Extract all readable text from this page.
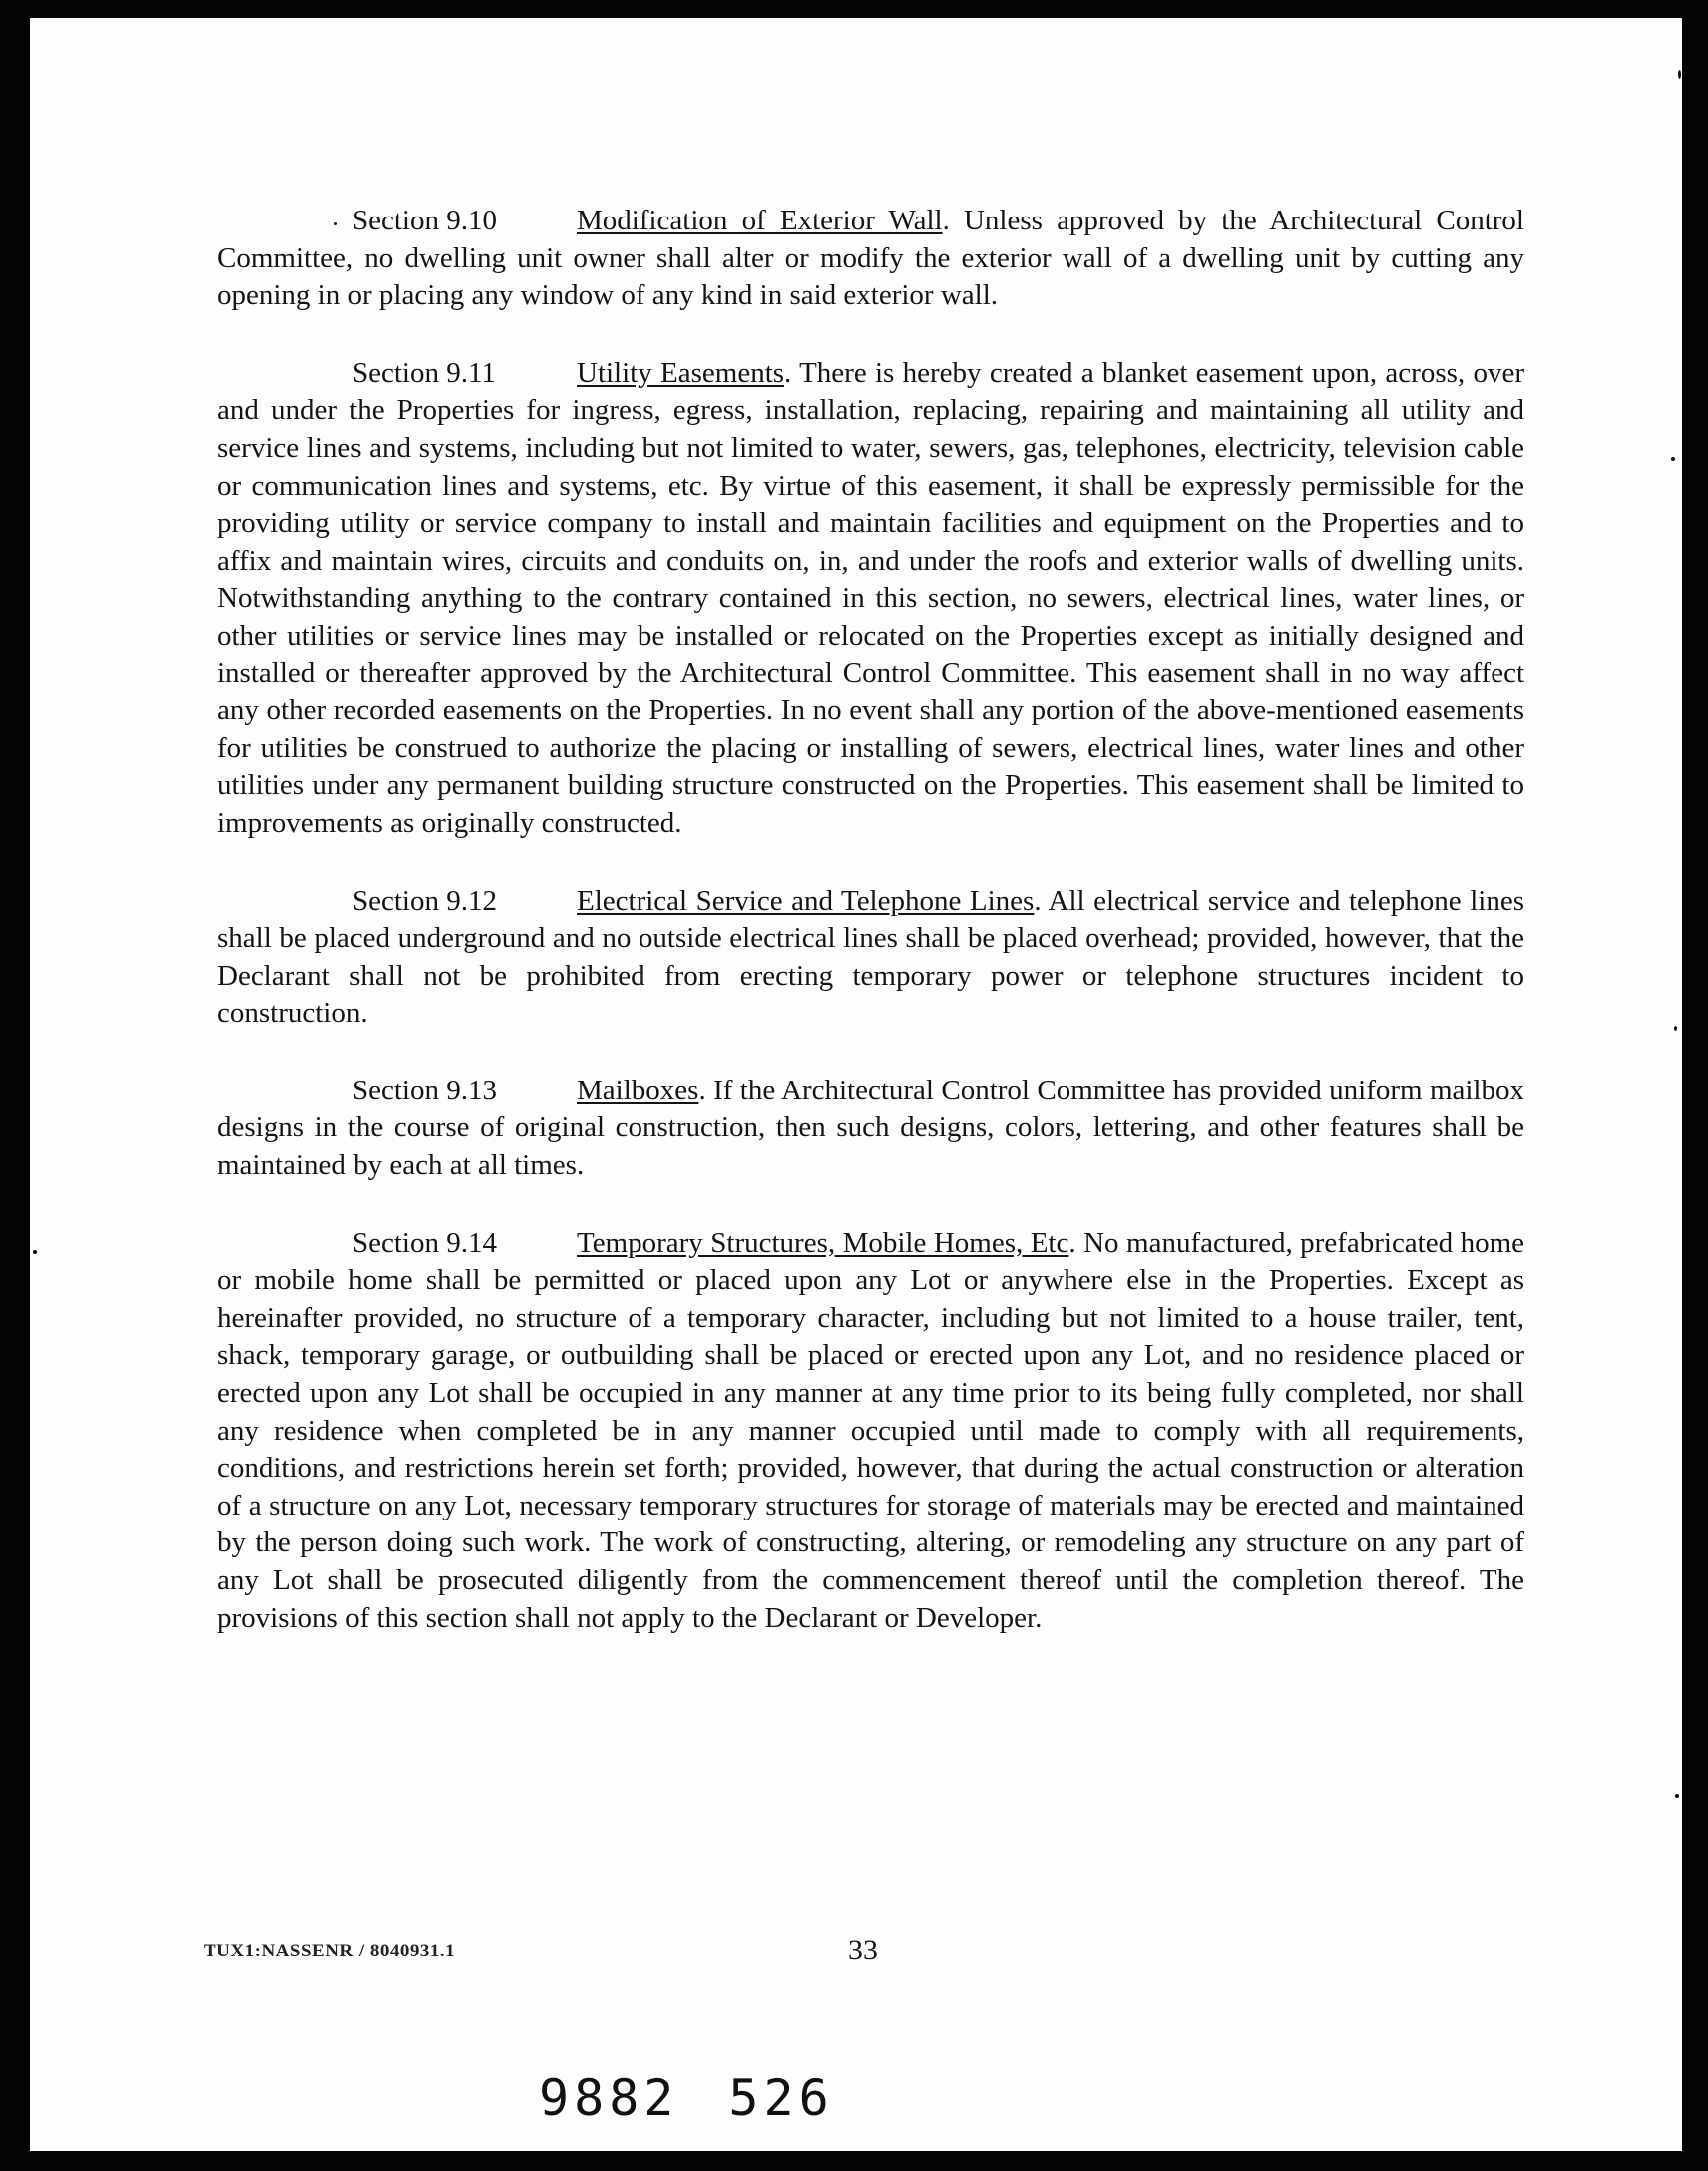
Section 9.10	Modification of Exterior Wall. Unless approved by the Architectural Control Committee, no dwelling unit owner shall alter or modify the exterior wall of a dwelling unit by cutting any opening in or placing any window of any kind in said exterior wall.

Section 9.11	Utility Easements. There is hereby created a blanket easement upon, across, over and under the Properties for ingress, egress, installation, replacing, repairing and maintaining all utility and service lines and systems, including but not limited to water, sewers, gas, telephones, electricity, television cable or communication lines and systems, etc. By virtue of this easement, it shall be expressly permissible for the providing utility or service company to install and maintain facilities and equipment on the Properties and to affix and maintain wires, circuits and conduits on, in, and under the roofs and exterior walls of dwelling units. Notwithstanding anything to the contrary contained in this section, no sewers, electrical lines, water lines, or other utilities or service lines may be installed or relocated on the Properties except as initially designed and installed or thereafter approved by the Architectural Control Committee. This easement shall in no way affect any other recorded easements on the Properties. In no event shall any portion of the above-mentioned easements for utilities be construed to authorize the placing or installing of sewers, electrical lines, water lines and other utilities under any permanent building structure constructed on the Properties. This easement shall be limited to improvements as originally constructed.

Section 9.12	Electrical Service and Telephone Lines. All electrical service and telephone lines shall be placed underground and no outside electrical lines shall be placed overhead; provided, however, that the Declarant shall not be prohibited from erecting temporary power or telephone structures incident to construction.

Section 9.13	Mailboxes. If the Architectural Control Committee has provided uniform mailbox designs in the course of original construction, then such designs, colors, lettering, and other features shall be maintained by each at all times.

Section 9.14	Temporary Structures, Mobile Homes, Etc. No manufactured, prefabricated home or mobile home shall be permitted or placed upon any Lot or anywhere else in the Properties. Except as hereinafter provided, no structure of a temporary character, including but not limited to a house trailer, tent, shack, temporary garage, or outbuilding shall be placed or erected upon any Lot, and no residence placed or erected upon any Lot shall be occupied in any manner at any time prior to its being fully completed, nor shall any residence when completed be in any manner occupied until made to comply with all requirements, conditions, and restrictions herein set forth; provided, however, that during the actual construction or alteration of a structure on any Lot, necessary temporary structures for storage of materials may be erected and maintained by the person doing such work. The work of constructing, altering, or remodeling any structure on any part of any Lot shall be prosecuted diligently from the commencement thereof until the completion thereof. The provisions of this section shall not apply to the Declarant or Developer.

TUX1:NASSENR / 8040931.1	33
9882 526
